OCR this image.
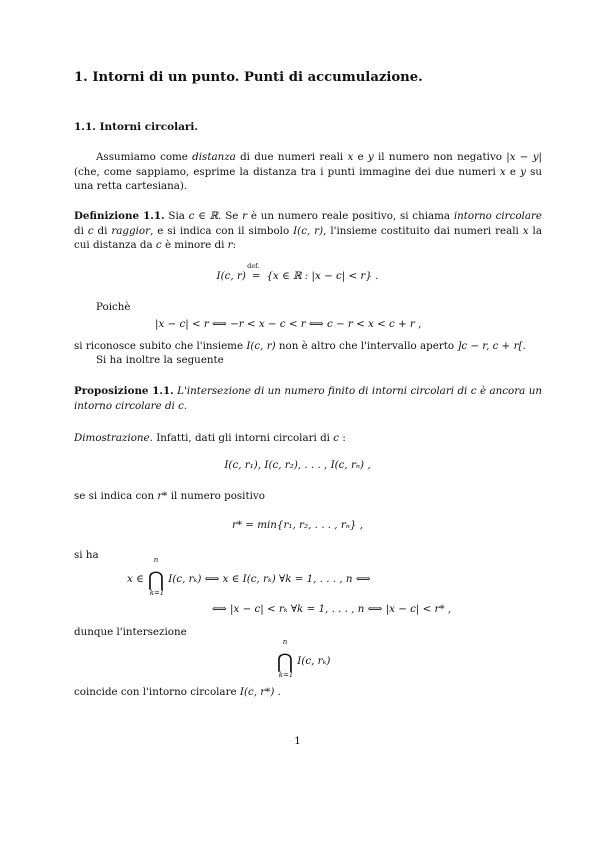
1. Intorni di un punto. Punti di accumulazione.
1.1. Intorni circolari.
Assumiamo come distanza di due numeri reali x e y il numero non negativo |x − y| (che, come sappiamo, esprime la distanza tra i punti immagine dei due numeri x e y su una retta cartesiana).
Definizione 1.1. Sia c ∈ ℝ. Se r è un numero reale positivo, si chiama intorno circolare di c di raggior, e si indica con il simbolo I(c, r), l'insieme costituito dai numeri reali x la cui distanza da c è minore di r:
I(c, r)
def.
= {x ∈ ℝ : |x − c| < r} .
Poichè
|x − c| < r ⟺ −r < x − c < r ⟺ c − r < x < c + r ,
si riconosce subito che l'insieme I(c, r) non è altro che l'intervallo aperto ]c − r, c + r[.
Si ha inoltre la seguente
Proposizione 1.1. L'intersezione di un numero finito di intorni circolari di c è ancora un intorno circolare di c.
Dimostrazione. Infatti, dati gli intorni circolari di c :
I(c, r₁), I(c, r₂), . . . , I(c, rₙ) ,
se si indica con r* il numero positivo
r* = min{r₁, r₂, . . . , rₙ} ,
si ha
x ∈
n
⋂
k=1
I(c, rₖ) ⟺ x ∈ I(c, rₖ) ∀k = 1, . . . , n ⟺
⟺ |x − c| < rₖ ∀k = 1, . . . , n ⟺ |x − c| < r* ,
dunque l'intersezione
n
⋂
k=1
I(c, rₖ)
coincide con l'intorno circolare I(c, r*) .
1
